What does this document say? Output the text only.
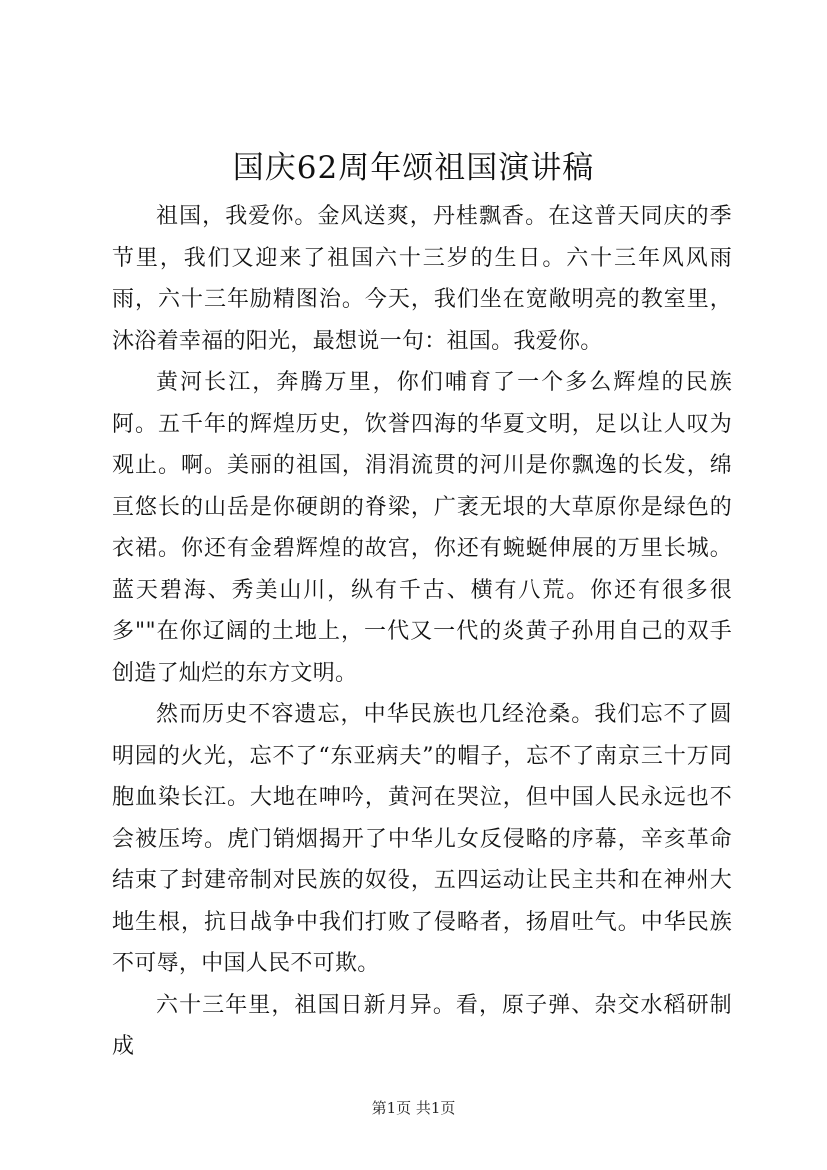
国庆62周年颂祖国演讲稿

祖国，我爱你。金风送爽，丹桂飘香。在这普天同庆的季节里，我们又迎来了祖国六十三岁的生日。六十三年风风雨雨，六十三年励精图治。今天，我们坐在宽敞明亮的教室里，沐浴着幸福的阳光，最想说一句：祖国。我爱你。

黄河长江，奔腾万里，你们哺育了一个多么辉煌的民族阿。五千年的辉煌历史，饮誉四海的华夏文明，足以让人叹为观止。啊。美丽的祖国，涓涓流贯的河川是你飘逸的长发，绵亘悠长的山岳是你硬朗的脊梁，广袤无垠的大草原你是绿色的衣裙。你还有金碧辉煌的故宫，你还有蜿蜒伸展的万里长城。蓝天碧海、秀美山川，纵有千古、横有八荒。你还有很多很多""在你辽阔的土地上，一代又一代的炎黄子孙用自己的双手创造了灿烂的东方文明。

然而历史不容遗忘，中华民族也几经沧桑。我们忘不了圆明园的火光，忘不了“东亚病夫”的帽子，忘不了南京三十万同胞血染长江。大地在呻吟，黄河在哭泣，但中国人民永远也不会被压垮。虎门销烟揭开了中华儿女反侵略的序幕，辛亥革命结束了封建帝制对民族的奴役，五四运动让民主共和在神州大地生根，抗日战争中我们打败了侵略者，扬眉吐气。中华民族不可辱，中国人民不可欺。

六十三年里，祖国日新月异。看，原子弹、杂交水稻研制成

第1页 共1页
